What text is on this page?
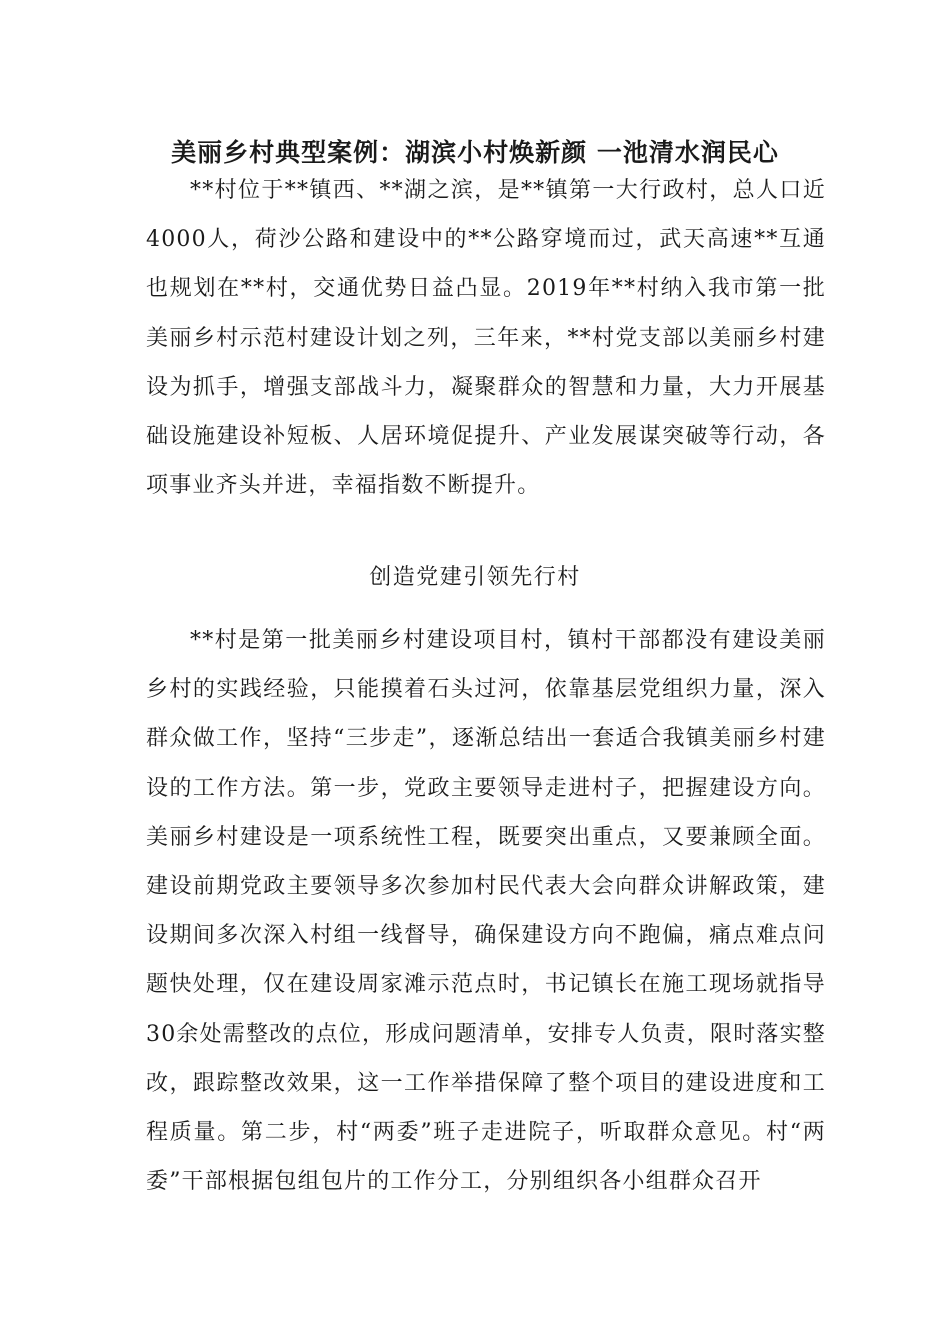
美丽乡村典型案例：湖滨小村焕新颜 一池清水润民心
**村位于**镇西、**湖之滨，是**镇第一大行政村，总人口近4000人，荷沙公路和建设中的**公路穿境而过，武天高速**互通也规划在**村，交通优势日益凸显。2019年**村纳入我市第一批美丽乡村示范村建设计划之列，三年来，**村党支部以美丽乡村建设为抓手，增强支部战斗力，凝聚群众的智慧和力量，大力开展基础设施建设补短板、人居环境促提升、产业发展谋突破等行动，各项事业齐头并进，幸福指数不断提升。
创造党建引领先行村
**村是第一批美丽乡村建设项目村，镇村干部都没有建设美丽乡村的实践经验，只能摸着石头过河，依靠基层党组织力量，深入群众做工作，坚持“三步走”，逐渐总结出一套适合我镇美丽乡村建设的工作方法。第一步，党政主要领导走进村子，把握建设方向。美丽乡村建设是一项系统性工程，既要突出重点，又要兼顾全面。建设前期党政主要领导多次参加村民代表大会向群众讲解政策，建设期间多次深入村组一线督导，确保建设方向不跑偏，痛点难点问题快处理，仅在建设周家滩示范点时，书记镇长在施工现场就指导30余处需整改的点位，形成问题清单，安排专人负责，限时落实整改，跟踪整改效果，这一工作举措保障了整个项目的建设进度和工程质量。第二步，村“两委”班子走进院子，听取群众意见。村“两委”干部根据包组包片的工作分工，分别组织各小组群众召开
